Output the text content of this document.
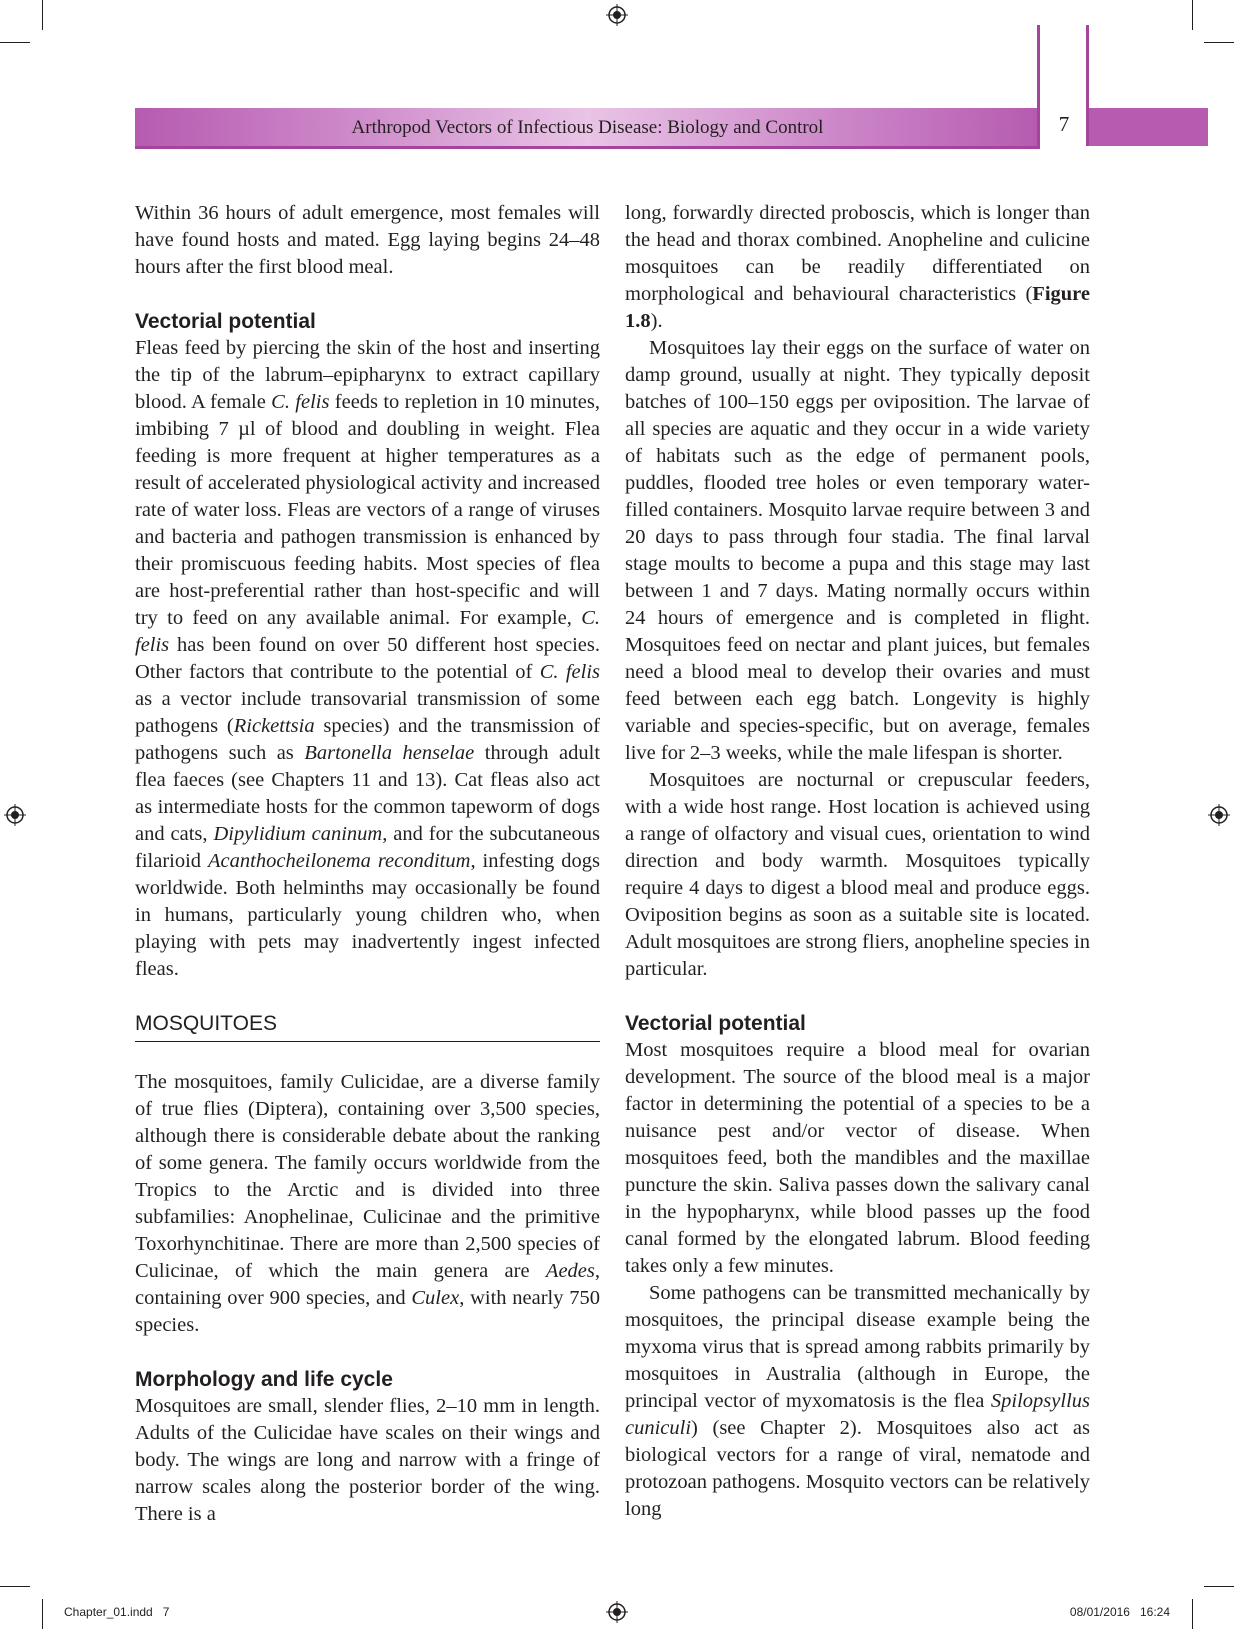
Arthropod Vectors of Infectious Disease: Biology and Control	7

Within 36 hours of adult emergence, most females will have found hosts and mated. Egg laying begins 24–48 hours after the first blood meal.

Vectorial potential

Fleas feed by piercing the skin of the host and inserting the tip of the labrum–epipharynx to extract capillary blood. A female C. felis feeds to repletion in 10 minutes, imbibing 7 µl of blood and doubling in weight. Flea feeding is more frequent at higher temperatures as a result of accelerated physiological activity and increased rate of water loss. Fleas are vectors of a range of viruses and bacteria and pathogen transmission is enhanced by their promiscuous feeding habits. Most species of flea are host-preferential rather than host-specific and will try to feed on any available animal. For example, C. felis has been found on over 50 different host species. Other factors that contribute to the potential of C. felis as a vector include transovarial transmission of some pathogens (Rickettsia species) and the transmission of pathogens such as Bartonella henselae through adult flea faeces (see Chapters 11 and 13). Cat fleas also act as intermediate hosts for the common tapeworm of dogs and cats, Dipylidium caninum, and for the subcutaneous filarioid Acanthocheilonema reconditum, infesting dogs worldwide. Both helminths may occasionally be found in humans, particularly young children who, when playing with pets may inadvertently ingest infected fleas.

MOSQUITOES

The mosquitoes, family Culicidae, are a diverse family of true flies (Diptera), containing over 3,500 species, although there is considerable debate about the ranking of some genera. The family occurs worldwide from the Tropics to the Arctic and is divided into three subfamilies: Anophelinae, Culicinae and the primitive Toxorhynchitinae. There are more than 2,500 species of Culicinae, of which the main genera are Aedes, containing over 900 species, and Culex, with nearly 750 species.

Morphology and life cycle

Mosquitoes are small, slender flies, 2–10 mm in length. Adults of the Culicidae have scales on their wings and body. The wings are long and narrow with a fringe of narrow scales along the posterior border of the wing. There is a

long, forwardly directed proboscis, which is longer than the head and thorax combined. Anopheline and culicine mosquitoes can be readily differentiated on morphological and behavioural characteristics (Figure 1.8).

Mosquitoes lay their eggs on the surface of water on damp ground, usually at night. They typically deposit batches of 100–150 eggs per oviposition. The larvae of all species are aquatic and they occur in a wide variety of habitats such as the edge of permanent pools, puddles, flooded tree holes or even temporary water-filled containers. Mosquito larvae require between 3 and 20 days to pass through four stadia. The final larval stage moults to become a pupa and this stage may last between 1 and 7 days. Mating normally occurs within 24 hours of emergence and is completed in flight. Mosquitoes feed on nectar and plant juices, but females need a blood meal to develop their ovaries and must feed between each egg batch. Longevity is highly variable and species-specific, but on average, females live for 2–3 weeks, while the male lifespan is shorter.

Mosquitoes are nocturnal or crepuscular feeders, with a wide host range. Host location is achieved using a range of olfactory and visual cues, orientation to wind direction and body warmth. Mosquitoes typically require 4 days to digest a blood meal and produce eggs. Oviposition begins as soon as a suitable site is located. Adult mosquitoes are strong fliers, anopheline species in particular.

Vectorial potential

Most mosquitoes require a blood meal for ovarian development. The source of the blood meal is a major factor in determining the potential of a species to be a nuisance pest and/or vector of disease. When mosquitoes feed, both the mandibles and the maxillae puncture the skin. Saliva passes down the salivary canal in the hypopharynx, while blood passes up the food canal formed by the elongated labrum. Blood feeding takes only a few minutes.

Some pathogens can be transmitted mechanically by mosquitoes, the principal disease example being the myxoma virus that is spread among rabbits primarily by mosquitoes in Australia (although in Europe, the principal vector of myxomatosis is the flea Spilopsyllus cuniculi) (see Chapter 2). Mosquitoes also act as biological vectors for a range of viral, nematode and protozoan pathogens. Mosquito vectors can be relatively long

Chapter_01.indd   7	08/01/2016   16:24
